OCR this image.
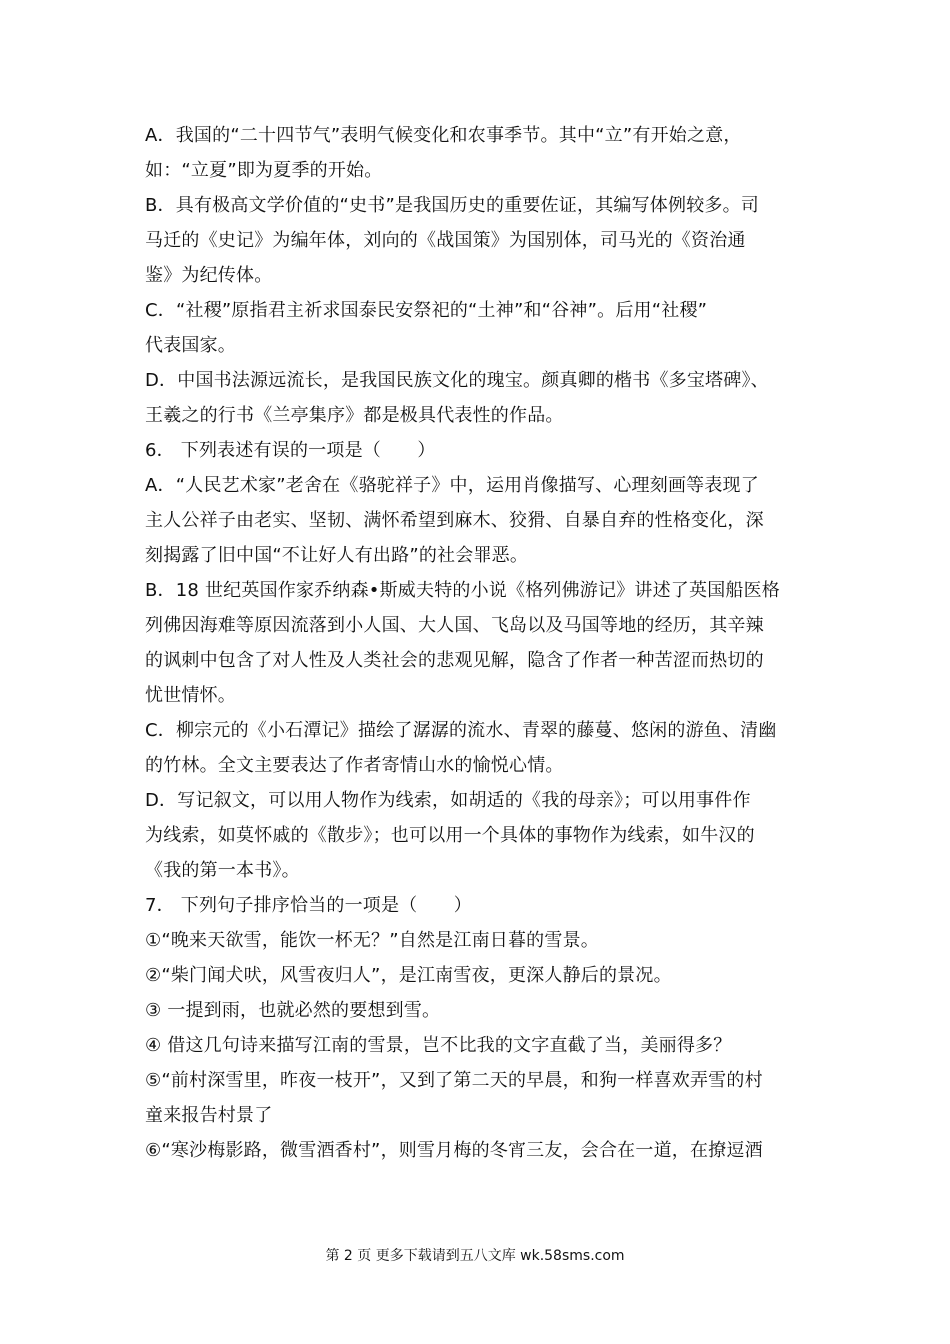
A．我国的“二十四节气”表明气候变化和农事季节。其中“立”有开始之意，
如：“立夏”即为夏季的开始。
B．具有极高文学价值的“史书”是我国历史的重要佐证，其编写体例较多。司
马迁的《史记》为编年体，刘向的《战国策》为国别体，司马光的《资治通
鉴》为纪传体。
C．“社稷”原指君主祈求国泰民安祭祀的“土神”和“谷神”。后用“社稷”
代表国家。
D．中国书法源远流长，是我国民族文化的瑰宝。颜真卿的楷书《多宝塔碑》、
王羲之的行书《兰亭集序》都是极具代表性的作品。
6． 下列表述有误的一项是（　　）
A．“人民艺术家”老舍在《骆驼祥子》中，运用肖像描写、心理刻画等表现了
主人公祥子由老实、坚韧、满怀希望到麻木、狡猾、自暴自弃的性格变化，深
刻揭露了旧中国“不让好人有出路”的社会罪恶。
B．18 世纪英国作家乔纳森•斯威夫特的小说《格列佛游记》讲述了英国船医格
列佛因海难等原因流落到小人国、大人国、飞岛以及马国等地的经历，其辛辣
的讽刺中包含了对人性及人类社会的悲观见解，隐含了作者一种苦涩而热切的
忧世情怀。
C．柳宗元的《小石潭记》描绘了潺潺的流水、青翠的藤蔓、悠闲的游鱼、清幽
的竹林。全文主要表达了作者寄情山水的愉悦心情。
D．写记叙文，可以用人物作为线索，如胡适的《我的母亲》；可以用事件作
为线索，如莫怀戚的《散步》；也可以用一个具体的事物作为线索，如牛汉的
《我的第一本书》。
7． 下列句子排序恰当的一项是（　　）
①“晚来天欲雪，能饮一杯无？”自然是江南日暮的雪景。
②“柴门闻犬吠，风雪夜归人”，是江南雪夜，更深人静后的景况。
③ 一提到雨，也就必然的要想到雪。
④ 借这几句诗来描写江南的雪景，岂不比我的文字直截了当，美丽得多？
⑤“前村深雪里，昨夜一枝开”，又到了第二天的早晨，和狗一样喜欢弄雪的村
童来报告村景了
⑥“寒沙梅影路，微雪酒香村”，则雪月梅的冬宵三友，会合在一道，在撩逗酒
第 2 页 更多下载请到五八文库 wk.58sms.com
